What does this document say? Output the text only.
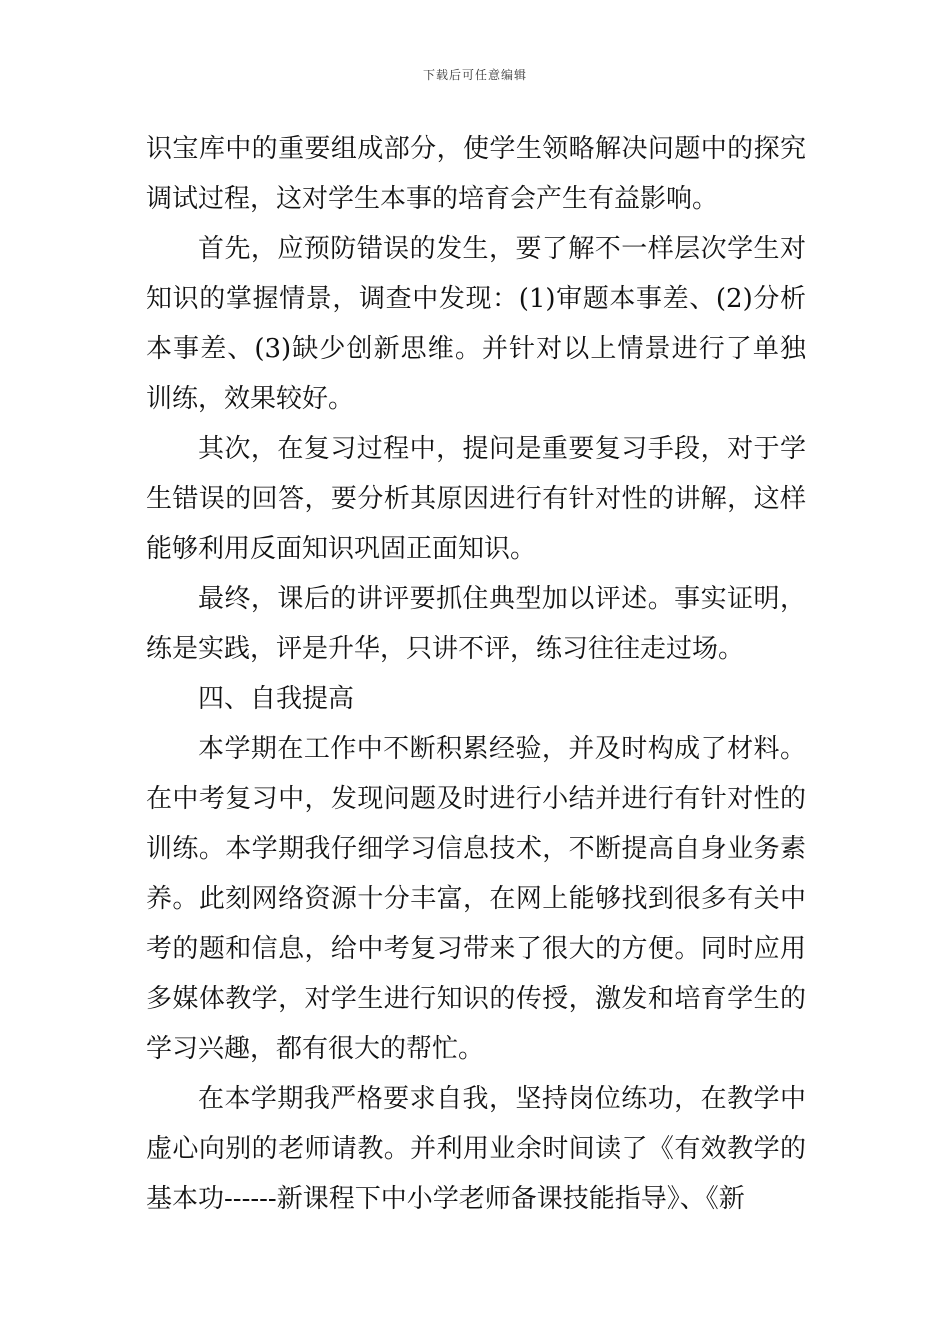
下载后可任意编辑

识宝库中的重要组成部分，使学生领略解决问题中的探究调试过程，这对学生本事的培育会产生有益影响。

首先，应预防错误的发生，要了解不一样层次学生对知识的掌握情景，调查中发现：(1)审题本事差、(2)分析本事差、(3)缺少创新思维。并针对以上情景进行了单独训练，效果较好。

其次，在复习过程中，提问是重要复习手段，对于学生错误的回答，要分析其原因进行有针对性的讲解，这样能够利用反面知识巩固正面知识。

最终，课后的讲评要抓住典型加以评述。事实证明，练是实践，评是升华，只讲不评，练习往往走过场。

四、自我提高

本学期在工作中不断积累经验，并及时构成了材料。在中考复习中，发现问题及时进行小结并进行有针对性的训练。本学期我仔细学习信息技术，不断提高自身业务素养。此刻网络资源十分丰富，在网上能够找到很多有关中考的题和信息，给中考复习带来了很大的方便。同时应用多媒体教学，对学生进行知识的传授，激发和培育学生的学习兴趣，都有很大的帮忙。

在本学期我严格要求自我，坚持岗位练功，在教学中虚心向别的老师请教。并利用业余时间读了《有效教学的基本功------新课程下中小学老师备课技能指导》、《新
